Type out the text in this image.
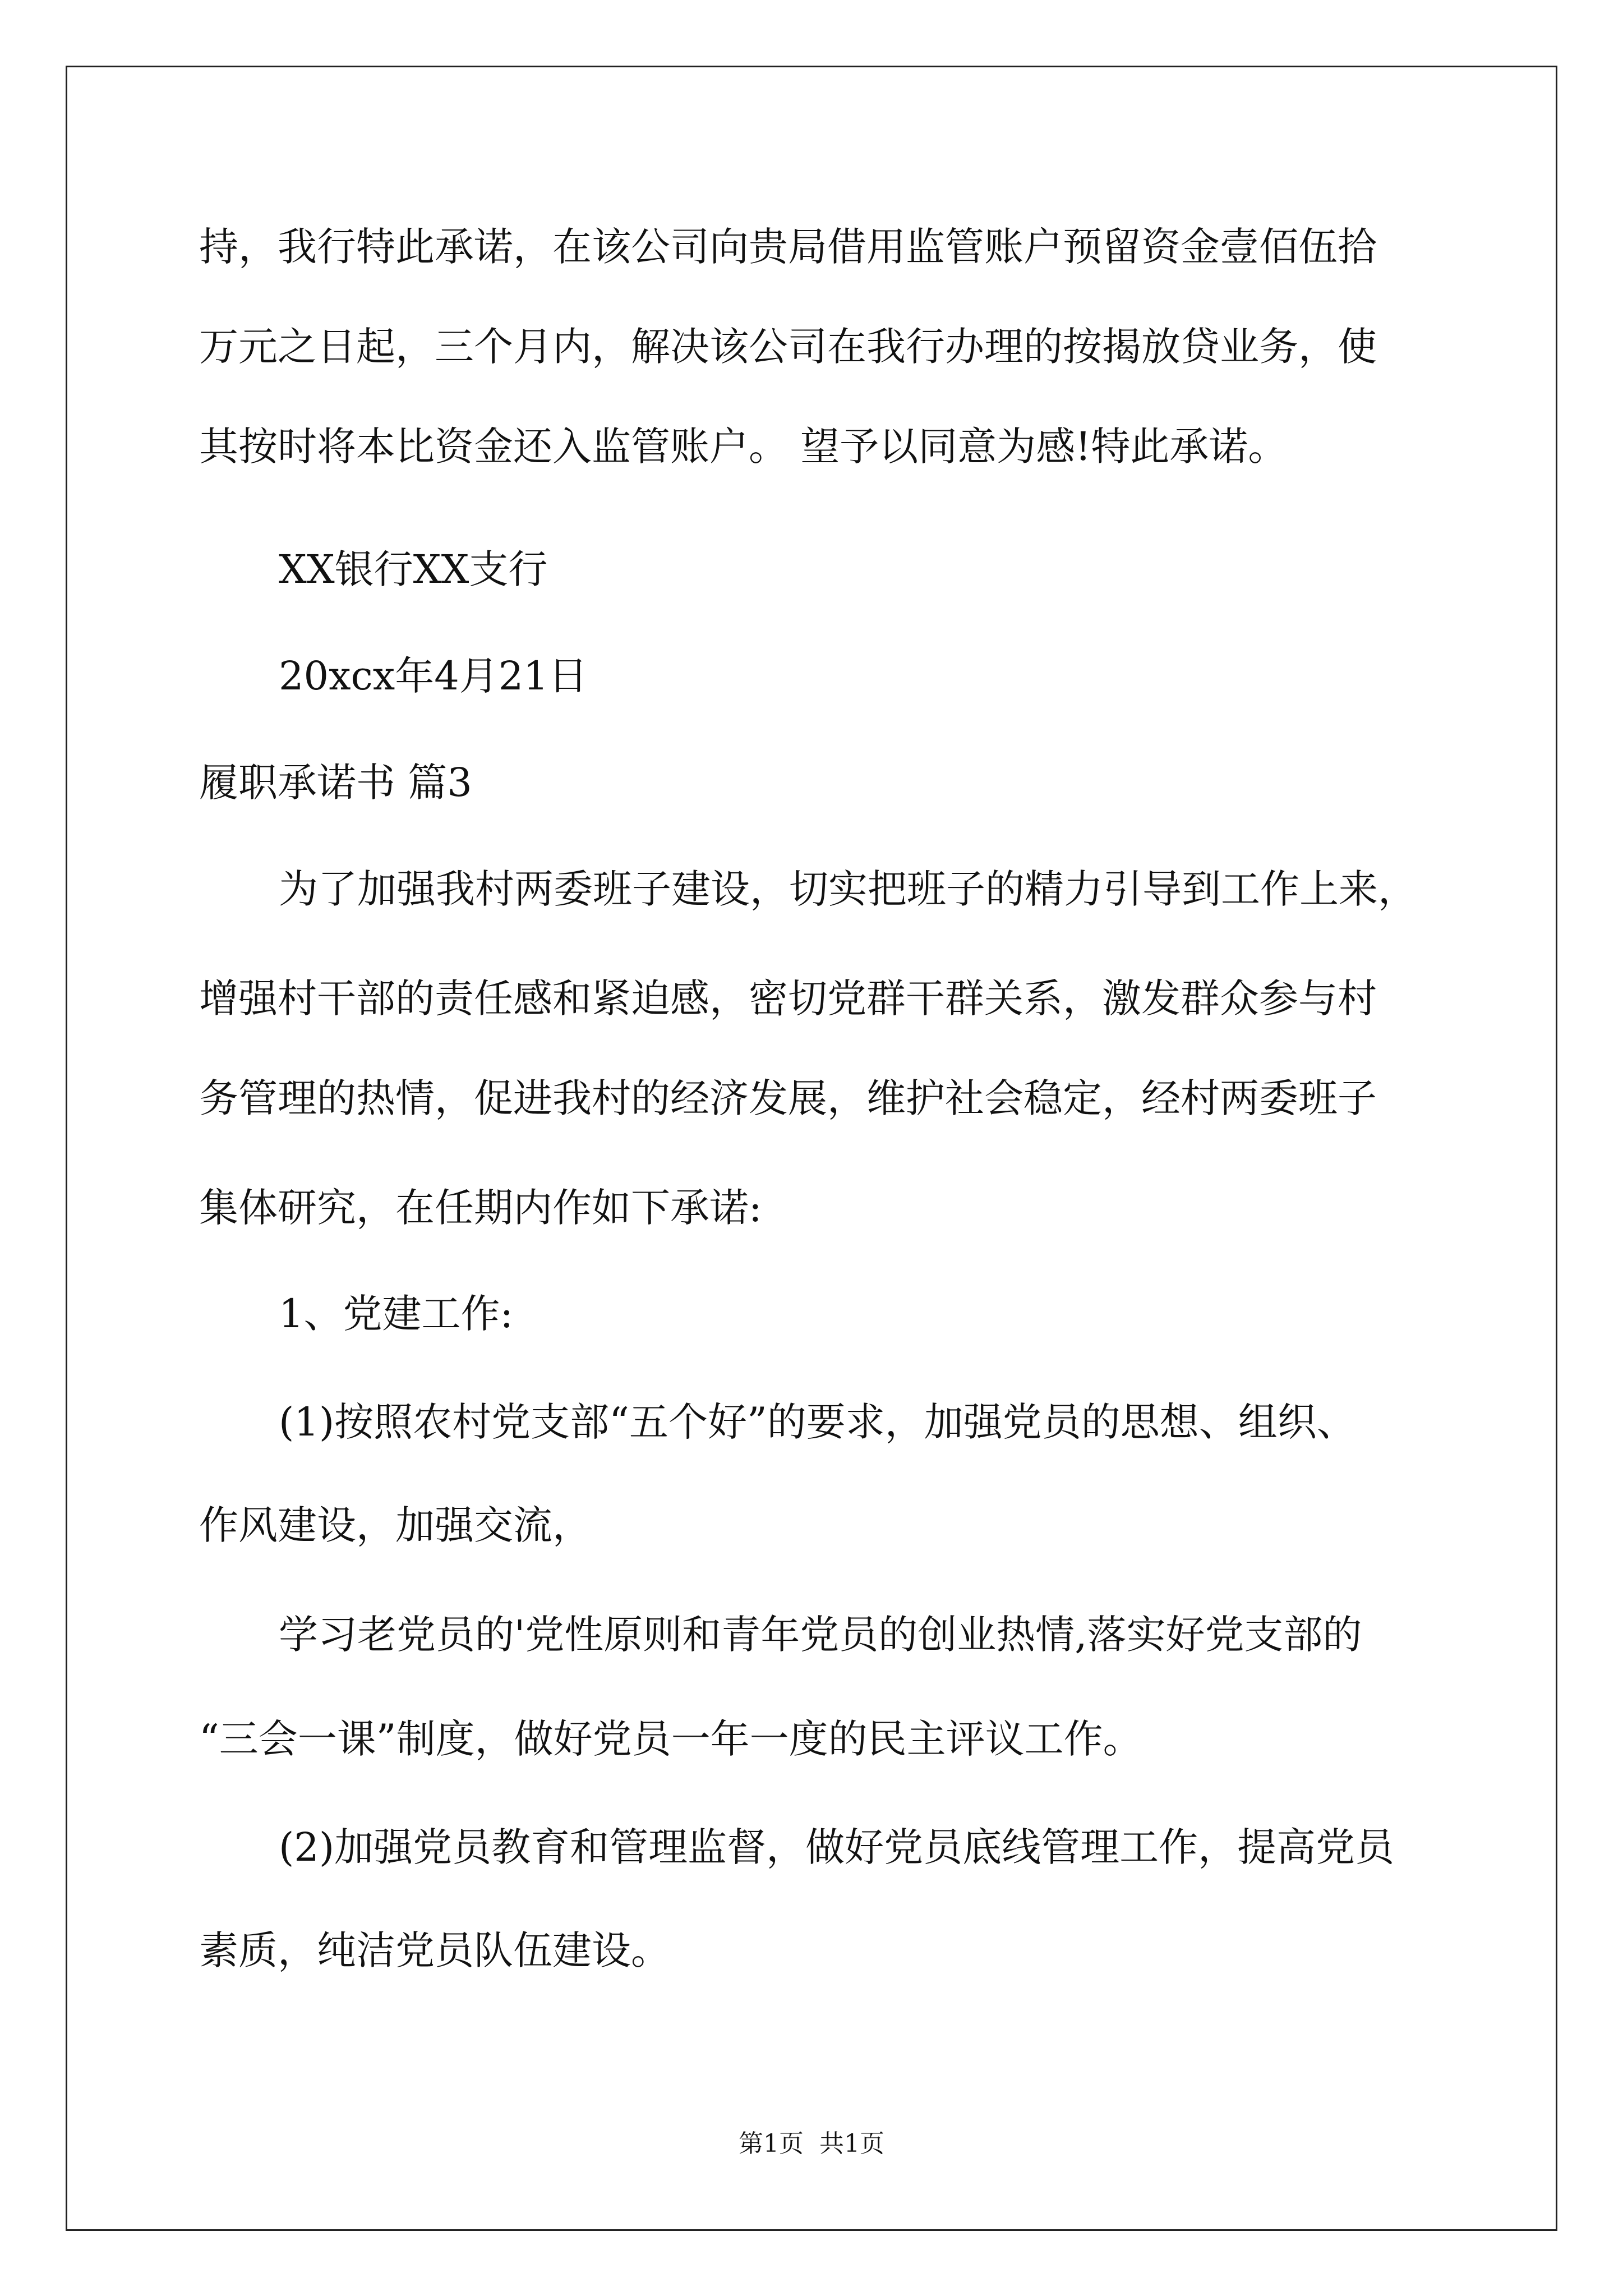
持，我行特此承诺，在该公司向贵局借用监管账户预留资金壹佰伍拾
万元之日起，三个月内，解决该公司在我行办理的按揭放贷业务，使
其按时将本比资金还入监管账户。 望予以同意为感!特此承诺。
XX银行XX支行
20xcx年4月21日
履职承诺书 篇3
为了加强我村两委班子建设，切实把班子的精力引导到工作上来，
增强村干部的责任感和紧迫感，密切党群干群关系，激发群众参与村
务管理的热情，促进我村的经济发展，维护社会稳定，经村两委班子
集体研究，在任期内作如下承诺:
1、党建工作:
(1)按照农村党支部“五个好”的要求，加强党员的思想、组织、
作风建设，加强交流，
学习老党员的'党性原则和青年党员的创业热情,落实好党支部的
“三会一课”制度，做好党员一年一度的民主评议工作。
(2)加强党员教育和管理监督，做好党员底线管理工作，提高党员
素质，纯洁党员队伍建设。
第1页  共1页
